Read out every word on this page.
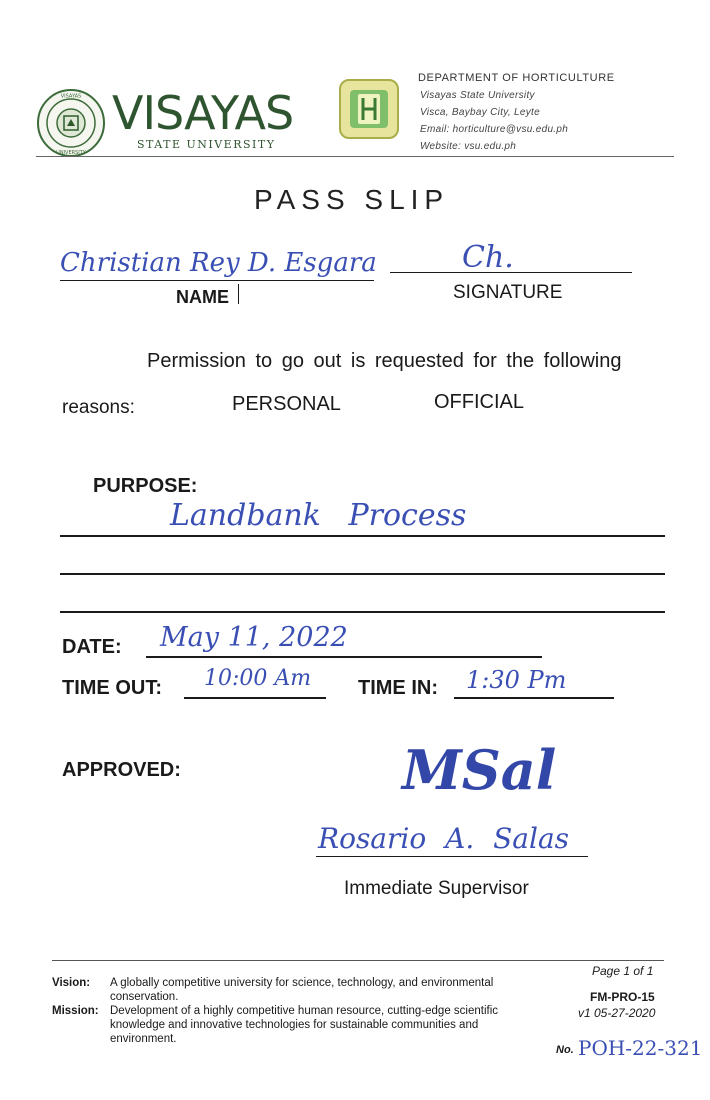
VISAYAS
UNIVERSITY
VISAYAS
STATE UNIVERSITY
DEPARTMENT OF HORTICULTURE
Visayas State University
Visca, Baybay City, Leyte
Email: horticulture@vsu.edu.ph
Website: vsu.edu.ph
PASS SLIP
Christian Rey D. Esgara	Ch.
NAME	SIGNATURE
Permission to go out is requested for the following
reasons:	PERSONAL	OFFICIAL
PURPOSE:
Landbank Process
DATE: May 11, 2022
TIME OUT: 10:00 Am TIME IN: 1:30 Pm
APPROVED:	MSal
Rosario A. Salas
Immediate Supervisor
Vision: A globally competitive university for science, technology, and environmental conservation.
Mission: Development of a highly competitive human resource, cutting-edge scientific knowledge and innovative technologies for sustainable communities and environment.
Page 1 of 1
FM-PRO-15
v1 05-27-2020
No. POH-22-321
